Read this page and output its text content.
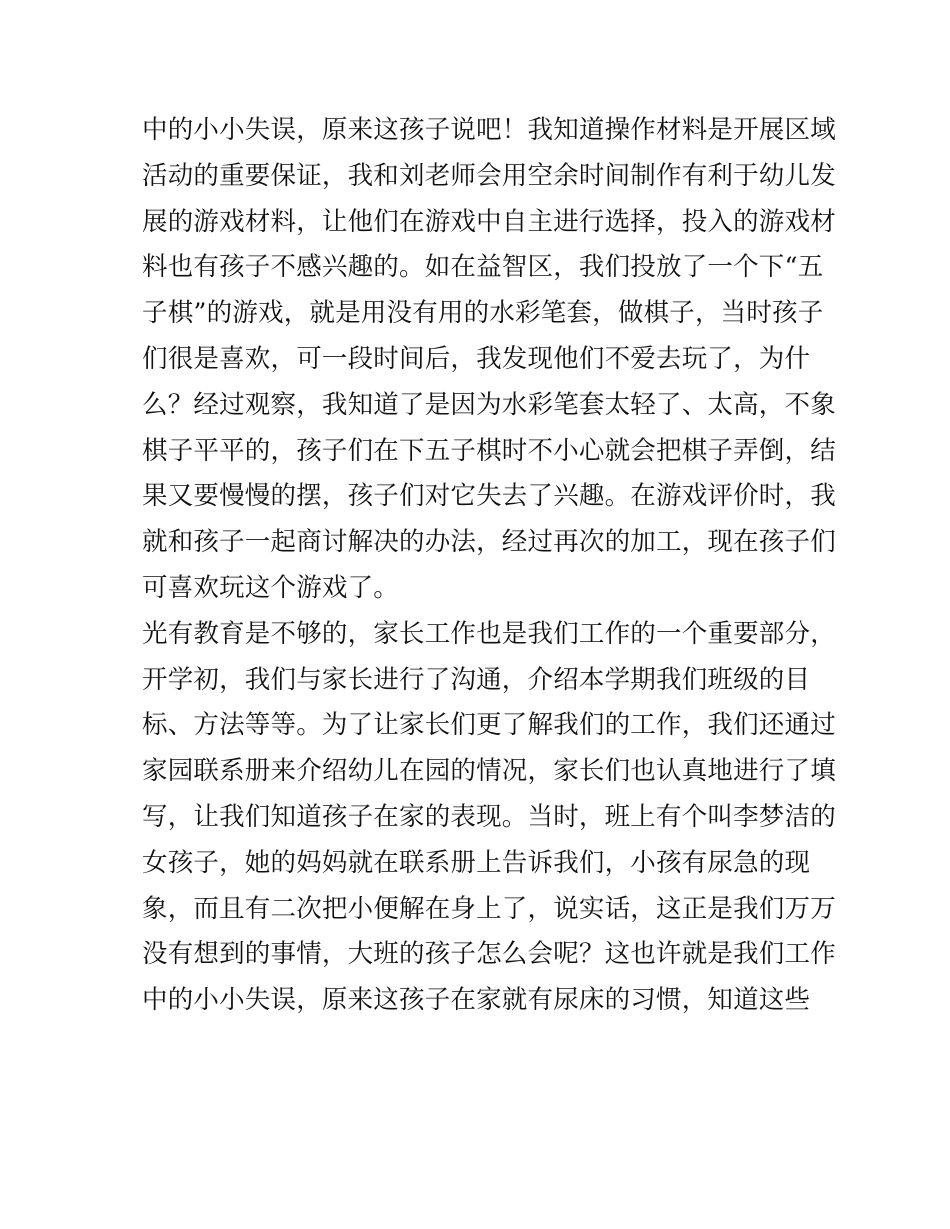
中的小小失误，原来这孩子说吧！我知道操作材料是开展区域
活动的重要保证，我和刘老师会用空余时间制作有利于幼儿发
展的游戏材料，让他们在游戏中自主进行选择，投入的游戏材
料也有孩子不感兴趣的。如在益智区，我们投放了一个下“五
子棋”的游戏，就是用没有用的水彩笔套，做棋子，当时孩子
们很是喜欢，可一段时间后，我发现他们不爱去玩了，为什
么？经过观察，我知道了是因为水彩笔套太轻了、太高，不象
棋子平平的，孩子们在下五子棋时不小心就会把棋子弄倒，结
果又要慢慢的摆，孩子们对它失去了兴趣。在游戏评价时，我
就和孩子一起商讨解决的办法，经过再次的加工，现在孩子们
可喜欢玩这个游戏了。
光有教育是不够的，家长工作也是我们工作的一个重要部分，
开学初，我们与家长进行了沟通，介绍本学期我们班级的目
标、方法等等。为了让家长们更了解我们的工作，我们还通过
家园联系册来介绍幼儿在园的情况，家长们也认真地进行了填
写，让我们知道孩子在家的表现。当时，班上有个叫李梦洁的
女孩子，她的妈妈就在联系册上告诉我们，小孩有尿急的现
象，而且有二次把小便解在身上了，说实话，这正是我们万万
没有想到的事情，大班的孩子怎么会呢？这也许就是我们工作
中的小小失误，原来这孩子在家就有尿床的习惯，知道这些
